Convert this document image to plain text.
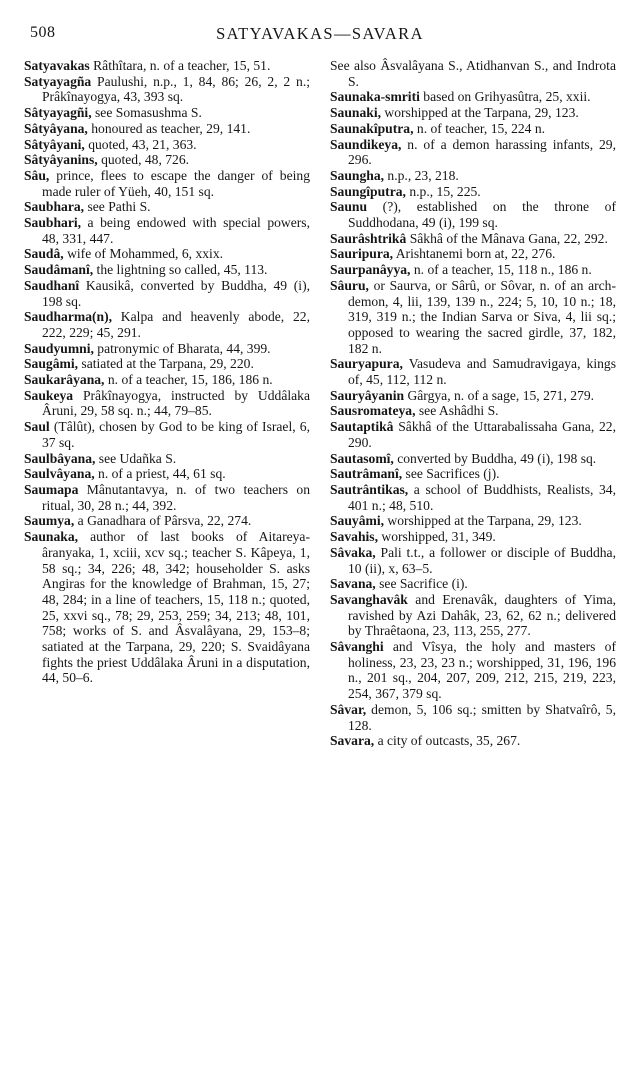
508	SATYAVAKAS—SAVARA

Satyavakas Râthîtara, n. of a teacher, 15, 51.

Satyayagña Paulushi, n.p., 1, 84, 86; 26, 2, 2 n.; Prâkînayogya, 43, 393 sq.

Sâtyayagñi, see Somasushma S.

Sâtyâyana, honoured as teacher, 29, 141.

Sâtyâyani, quoted, 43, 21, 363.

Sâtyâyanins, quoted, 48, 726.

Sâu, prince, flees to escape the danger of being made ruler of Yüeh, 40, 151 sq.

Saubhara, see Pathi S.

Saubhari, a being endowed with special powers, 48, 331, 447.

Saudâ, wife of Mohammed, 6, xxix.

Saudâmanî, the lightning so called, 45, 113.

Saudhanî Kausikâ, converted by Buddha, 49 (i), 198 sq.

Saudharma(n), Kalpa and heavenly abode, 22, 222, 229; 45, 291.

Saudyumni, patronymic of Bharata, 44, 399.

Saugâmi, satiated at the Tarpana, 29, 220.

Saukarâyana, n. of a teacher, 15, 186, 186 n.

Saukeya Prâkînayogya, instructed by Uddâlaka Âruni, 29, 58 sq. n.; 44, 79–85.

Saul (Tâlût), chosen by God to be king of Israel, 6, 37 sq.

Saulbâyana, see Udañka S.

Saulvâyana, n. of a priest, 44, 61 sq.

Saumapa Mânutantavya, n. of two teachers on ritual, 30, 28 n.; 44, 392.

Saumya, a Ganadhara of Pârsva, 22, 274.

Saunaka, author of last books of Aitareya-âranyaka, 1, xciii, xcv sq.; teacher S. Kâpeya, 1, 58 sq.; 34, 226; 48, 342; householder S. asks Angiras for the knowledge of Brahman, 15, 27; 48, 284; in a line of teachers, 15, 118 n.; quoted, 25, xxvi sq., 78; 29, 253, 259; 34, 213; 48, 101, 758; works of S. and Âsvalâyana, 29, 153–8; satiated at the Tarpana, 29, 220; S. Svaidâyana fights the priest Uddâlaka Âruni in a disputation, 44, 50–6.

See also Âsvalâyana S., Atidhanvan S., and Indrota S.

Saunaka-smriti based on Grihyasûtra, 25, xxii.

Saunaki, worshipped at the Tarpana, 29, 123.

Saunakîputra, n. of teacher, 15, 224 n.

Saundikeya, n. of a demon harassing infants, 29, 296.

Saungha, n.p., 23, 218.

Saungîputra, n.p., 15, 225.

Saunu (?), established on the throne of Suddhodana, 49 (i), 199 sq.

Saurâshtrikâ Sâkhâ of the Mânava Gana, 22, 292.

Sauripura, Arishtanemi born at, 22, 276.

Saurpanâyya, n. of a teacher, 15, 118 n., 186 n.

Sâuru, or Saurva, or Sârû, or Sôvar, n. of an arch-demon, 4, lii, 139, 139 n., 224; 5, 10, 10 n.; 18, 319, 319 n.; the Indian Sarva or Siva, 4, lii sq.; opposed to wearing the sacred girdle, 37, 182, 182 n.

Sauryapura, Vasudeva and Samudravigaya, kings of, 45, 112, 112 n.

Sauryâyanin Gârgya, n. of a sage, 15, 271, 279.

Sausromateya, see Ashâdhi S.

Sautaptikâ Sâkhâ of the Uttarabalissaha Gana, 22, 290.

Sautasomî, converted by Buddha, 49 (i), 198 sq.

Sautrâmanî, see Sacrifices (j).

Sautrântikas, a school of Buddhists, Realists, 34, 401 n.; 48, 510.

Sauyâmi, worshipped at the Tarpana, 29, 123.

Savahis, worshipped, 31, 349.

Sâvaka, Pali t.t., a follower or disciple of Buddha, 10 (ii), x, 63–5.

Savana, see Sacrifice (i).

Savanghavâk and Erenavâk, daughters of Yima, ravished by Azi Dahâk, 23, 62, 62 n.; delivered by Thraêtaona, 23, 113, 255, 277.

Sâvanghi and Vîsya, the holy and masters of holiness, 23, 23, 23 n.; worshipped, 31, 196, 196 n., 201 sq., 204, 207, 209, 212, 215, 219, 223, 254, 367, 379 sq.

Sâvar, demon, 5, 106 sq.; smitten by Shatvaîrô, 5, 128.

Savara, a city of outcasts, 35, 267.
